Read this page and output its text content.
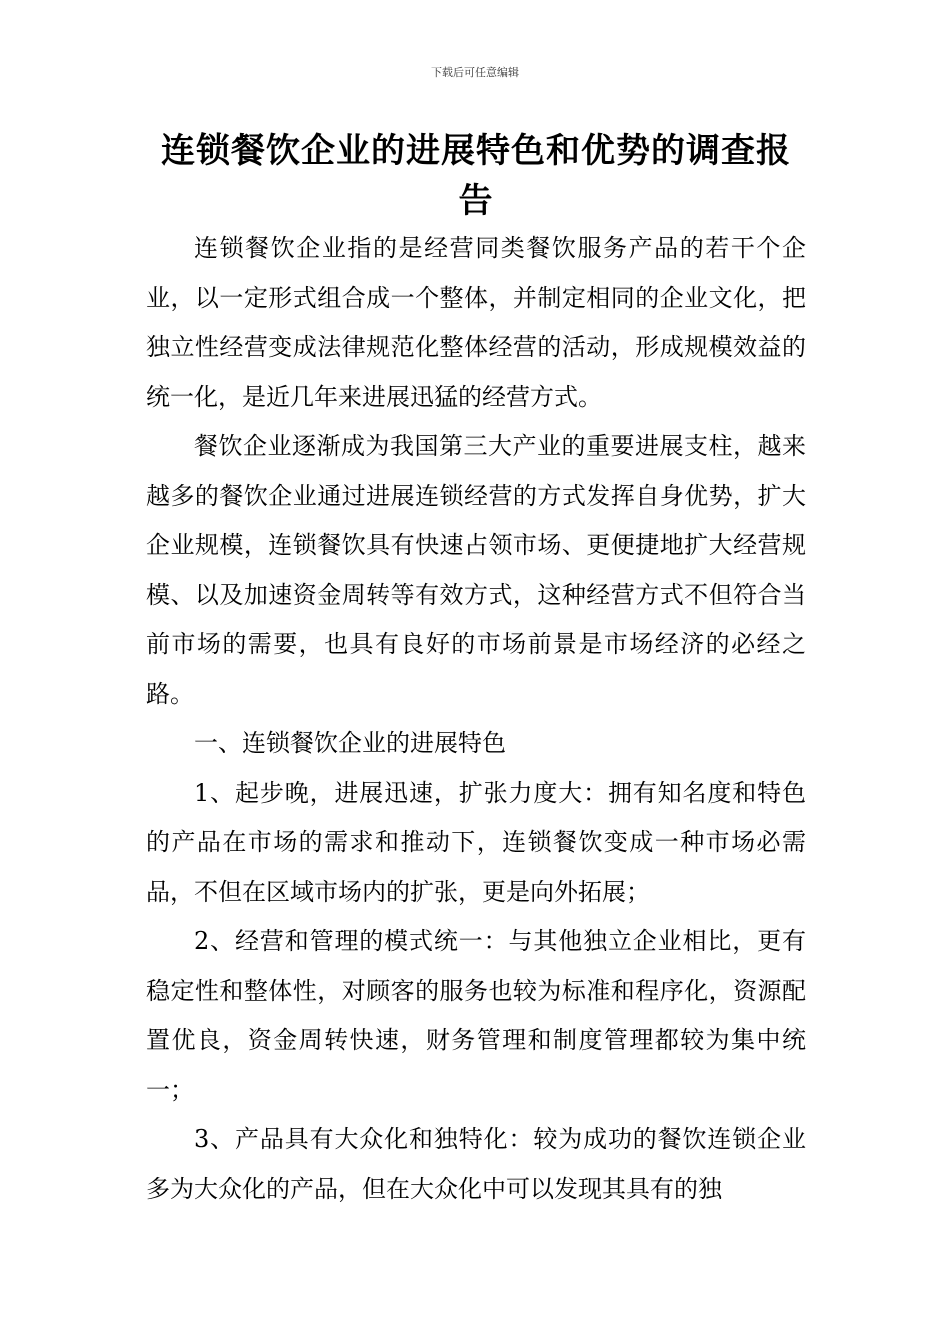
下载后可任意编辑
连锁餐饮企业的进展特色和优势的调查报告

连锁餐饮企业指的是经营同类餐饮服务产品的若干个企业，以一定形式组合成一个整体，并制定相同的企业文化，把独立性经营变成法律规范化整体经营的活动，形成规模效益的统一化，是近几年来进展迅猛的经营方式。

餐饮企业逐渐成为我国第三大产业的重要进展支柱，越来越多的餐饮企业通过进展连锁经营的方式发挥自身优势，扩大企业规模，连锁餐饮具有快速占领市场、更便捷地扩大经营规模、以及加速资金周转等有效方式，这种经营方式不但符合当前市场的需要，也具有良好的市场前景是市场经济的必经之路。

一、连锁餐饮企业的进展特色

1、起步晚，进展迅速，扩张力度大：拥有知名度和特色的产品在市场的需求和推动下，连锁餐饮变成一种市场必需品，不但在区域市场内的扩张，更是向外拓展；

2、经营和管理的模式统一：与其他独立企业相比，更有稳定性和整体性，对顾客的服务也较为标准和程序化，资源配置优良，资金周转快速，财务管理和制度管理都较为集中统一；

3、产品具有大众化和独特化：较为成功的餐饮连锁企业多为大众化的产品，但在大众化中可以发现其具有的独
